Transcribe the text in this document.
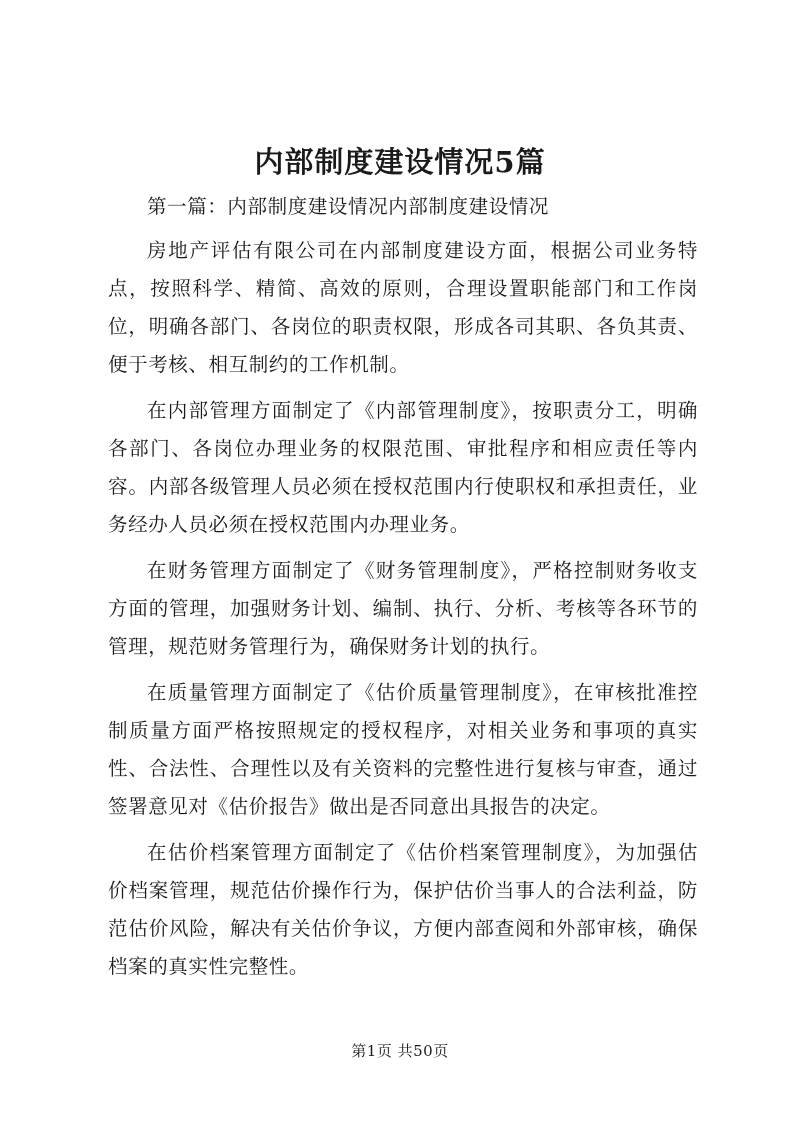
内部制度建设情况5篇

第一篇：内部制度建设情况内部制度建设情况

房地产评估有限公司在内部制度建设方面，根据公司业务特点，按照科学、精简、高效的原则，合理设置职能部门和工作岗位，明确各部门、各岗位的职责权限，形成各司其职、各负其责、便于考核、相互制约的工作机制。

在内部管理方面制定了《内部管理制度》，按职责分工，明确各部门、各岗位办理业务的权限范围、审批程序和相应责任等内容。内部各级管理人员必须在授权范围内行使职权和承担责任，业务经办人员必须在授权范围内办理业务。

在财务管理方面制定了《财务管理制度》，严格控制财务收支方面的管理，加强财务计划、编制、执行、分析、考核等各环节的管理，规范财务管理行为，确保财务计划的执行。

在质量管理方面制定了《估价质量管理制度》，在审核批准控制质量方面严格按照规定的授权程序，对相关业务和事项的真实性、合法性、合理性以及有关资料的完整性进行复核与审查，通过签署意见对《估价报告》做出是否同意出具报告的决定。

在估价档案管理方面制定了《估价档案管理制度》，为加强估价档案管理，规范估价操作行为，保护估价当事人的合法利益，防范估价风险，解决有关估价争议，方便内部查阅和外部审核，确保档案的真实性完整性。

第1页 共50页
